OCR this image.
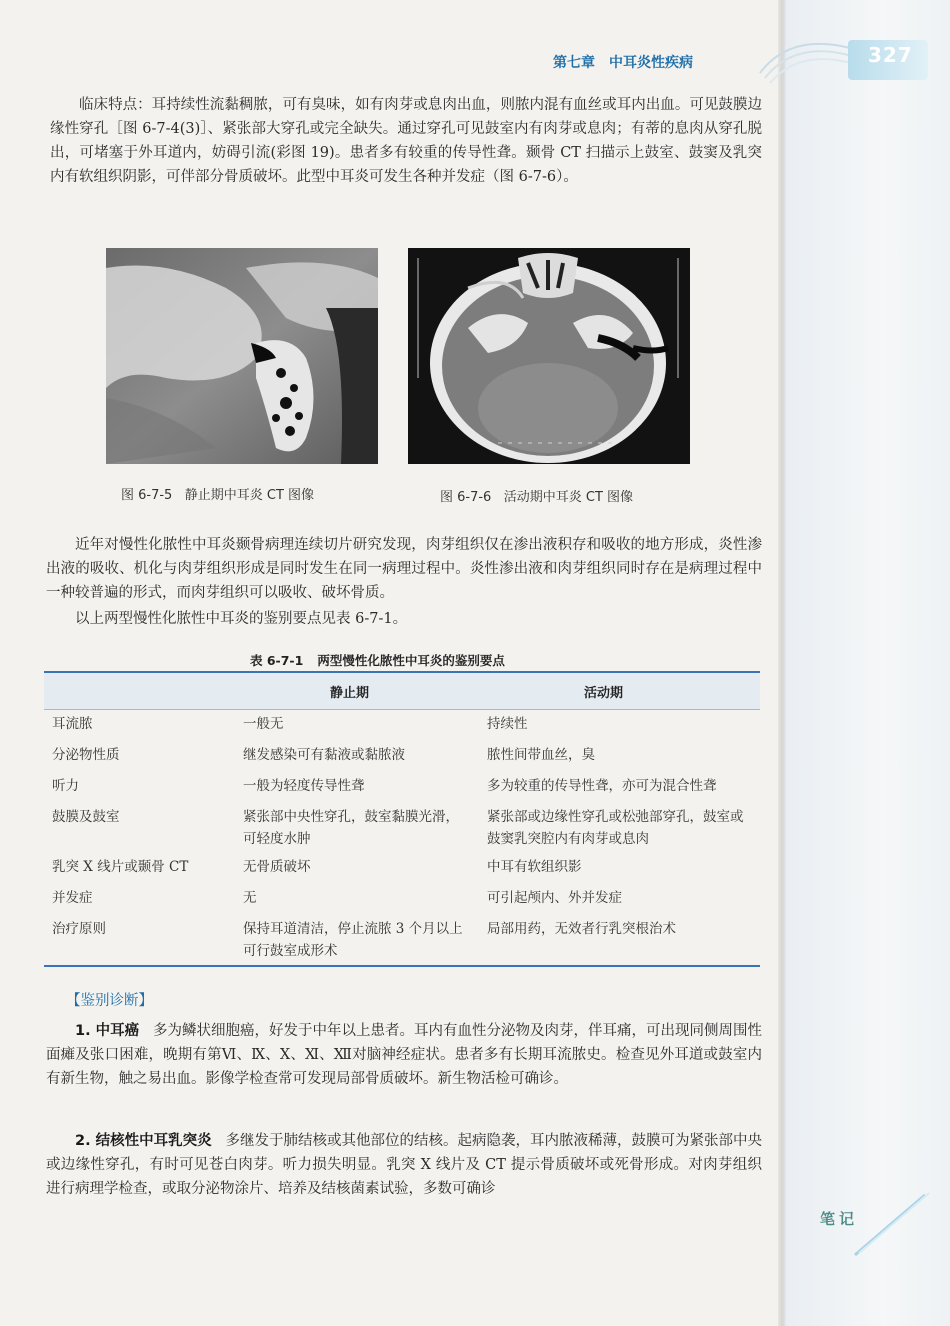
327
第七章 中耳炎性疾病
临床特点：耳持续性流黏稠脓，可有臭味，如有肉芽或息肉出血，则脓内混有血丝或耳内出血。可见鼓膜边缘性穿孔［图 6-7-4(3)］、紧张部大穿孔或完全缺失。通过穿孔可见鼓室内有肉芽或息肉；有蒂的息肉从穿孔脱出，可堵塞于外耳道内，妨碍引流(彩图 19)。患者多有较重的传导性聋。颞骨 CT 扫描示上鼓室、鼓窦及乳突内有软组织阴影，可伴部分骨质破坏。此型中耳炎可发生各种并发症（图 6-7-6）。
图 6-7-5 静止期中耳炎 CT 图像	图 6-7-6 活动期中耳炎 CT 图像
近年对慢性化脓性中耳炎颞骨病理连续切片研究发现，肉芽组织仅在渗出液积存和吸收的地方形成，炎性渗出液的吸收、机化与肉芽组织形成是同时发生在同一病理过程中。炎性渗出液和肉芽组织同时存在是病理过程中一种较普遍的形式，而肉芽组织可以吸收、破坏骨质。
以上两型慢性化脓性中耳炎的鉴别要点见表 6-7-1。
表 6-7-1 两型慢性化脓性中耳炎的鉴别要点
	静止期	活动期
耳流脓	一般无	持续性
分泌物性质	继发感染可有黏液或黏脓液	脓性间带血丝，臭
听力	一般为轻度传导性聋	多为较重的传导性聋，亦可为混合性聋
鼓膜及鼓室	紧张部中央性穿孔，鼓室黏膜光滑，可轻度水肿	紧张部或边缘性穿孔或松弛部穿孔，鼓室或鼓窦乳突腔内有肉芽或息肉
乳突 X 线片或颞骨 CT	无骨质破坏	中耳有软组织影
并发症	无	可引起颅内、外并发症
治疗原则	保持耳道清洁，停止流脓 3 个月以上可行鼓室成形术	局部用药，无效者行乳突根治术
【鉴别诊断】
1. 中耳癌 多为鳞状细胞癌，好发于中年以上患者。耳内有血性分泌物及肉芽，伴耳痛，可出现同侧周围性面瘫及张口困难，晚期有第Ⅵ、Ⅸ、Ⅹ、Ⅺ、Ⅻ对脑神经症状。患者多有长期耳流脓史。检查见外耳道或鼓室内有新生物，触之易出血。影像学检查常可发现局部骨质破坏。新生物活检可确诊。
2. 结核性中耳乳突炎 多继发于肺结核或其他部位的结核。起病隐袭，耳内脓液稀薄，鼓膜可为紧张部中央或边缘性穿孔，有时可见苍白肉芽。听力损失明显。乳突 X 线片及 CT 提示骨质破坏或死骨形成。对肉芽组织进行病理学检查，或取分泌物涂片、培养及结核菌素试验，多数可确诊
笔记
